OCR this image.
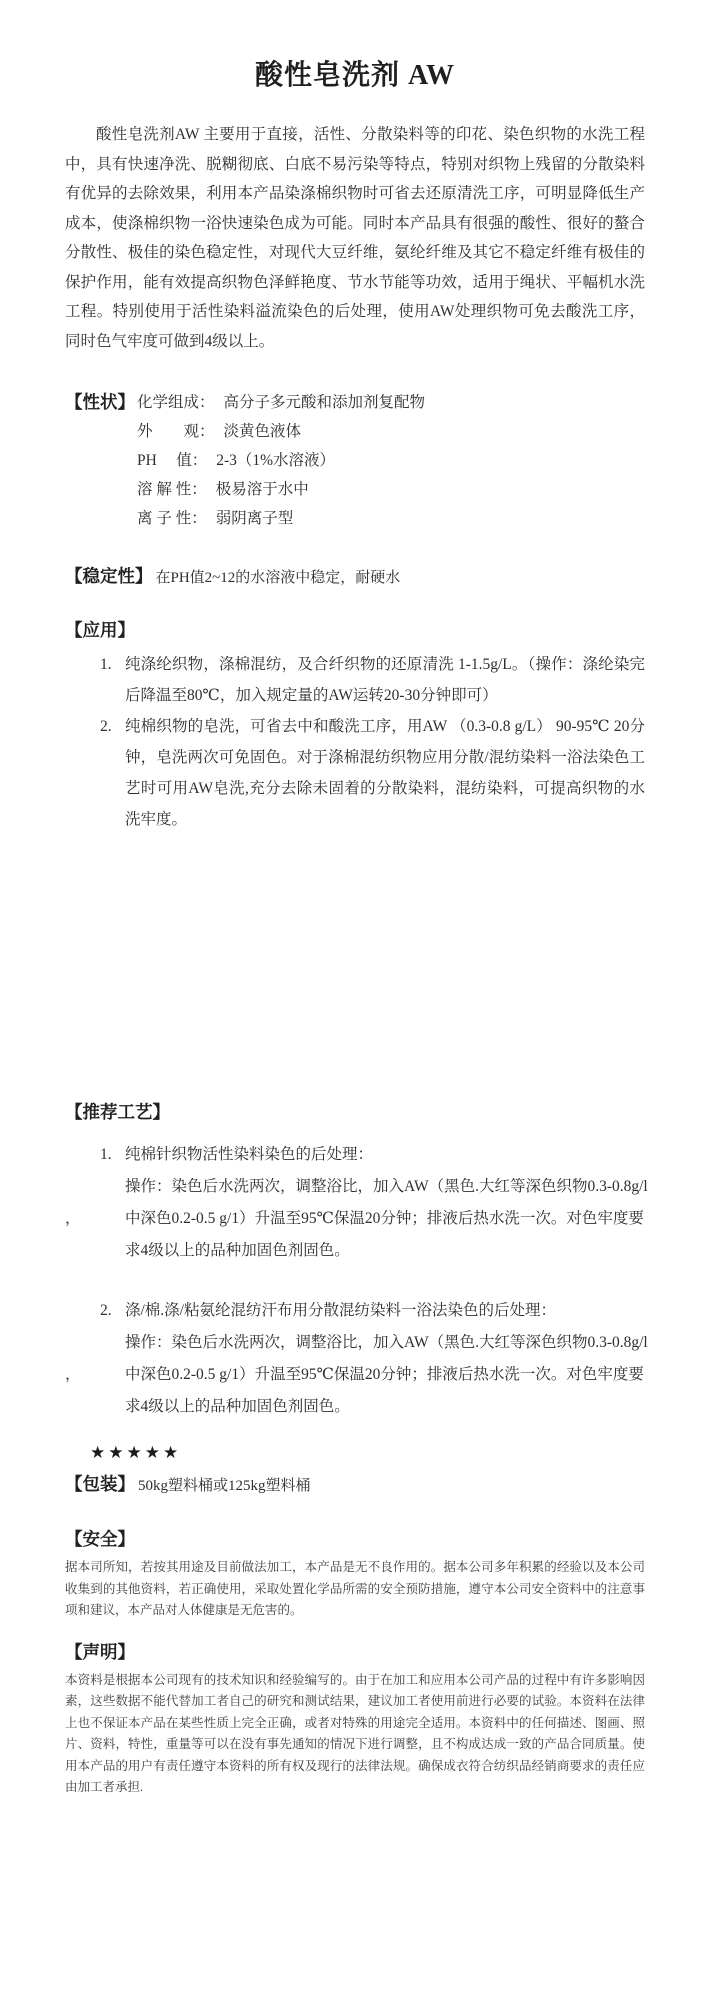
酸性皂洗剂 AW

酸性皂洗剂AW 主要用于直接，活性、分散染料等的印花、染色织物的水洗工程中，具有快速净洗、脱糊彻底、白底不易污染等特点，特别对织物上残留的分散染料有优异的去除效果，利用本产品染涤棉织物时可省去还原清洗工序，可明显降低生产成本，使涤棉织物一浴快速染色成为可能。同时本产品具有很强的酸性、很好的螯合分散性、极佳的染色稳定性，对现代大豆纤维，氨纶纤维及其它不稳定纤维有极佳的保护作用，能有效提高织物色泽鲜艳度、节水节能等功效，适用于绳状、平幅机水洗工程。特别使用于活性染料溢流染色的后处理，使用AW处理织物可免去酸洗工序，同时色气牢度可做到4级以上。

【性状】 化学组成： 高分子多元酸和添加剂复配物
外　　观： 淡黄色液体
PH　 值： 2-3（1%水溶液）
溶 解 性： 极易溶于水中
离 子 性： 弱阴离子型
【稳定性】 在PH值2~12的水溶液中稳定，耐硬水
【应用】
1. 纯涤纶织物，涤棉混纺，及合纤织物的还原清洗 1-1.5g/L。（操作：涤纶染完后降温至80℃，加入规定量的AW运转20-30分钟即可）
2. 纯棉织物的皂洗，可省去中和酸洗工序，用AW （0.3-0.8 g/L） 90-95℃ 20分钟，皂洗两次可免固色。对于涤棉混纺织物应用分散/混纺染料一浴法染色工艺时可用AW皂洗,充分去除未固着的分散染料，混纺染料，可提高织物的水洗牢度。
【推荐工艺】
1. 纯棉针织物活性染料染色的后处理：
操作：染色后水洗两次，调整浴比，加入AW（黑色.大红等深色织物0.3-0.8g/l
，	中深色0.2-0.5 g/1）升温至95℃保温20分钟；排液后热水洗一次。对色牢度要
求4级以上的品种加固色剂固色。
2. 涤/棉.涤/粘氨纶混纺汗布用分散混纺染料一浴法染色的后处理：
操作：染色后水洗两次，调整浴比，加入AW（黑色.大红等深色织物0.3-0.8g/l
，	中深色0.2-0.5 g/1）升温至95℃保温20分钟；排液后热水洗一次。对色牢度要
求4级以上的品种加固色剂固色。
★★★★★
【包装】 50kg塑料桶或125kg塑料桶
【安全】

据本司所知，若按其用途及目前做法加工，本产品是无不良作用的。据本公司多年积累的经验以及本公司收集到的其他资料，若正确使用，采取处置化学品所需的安全预防措施，遵守本公司安全资料中的注意事项和建议，本产品对人体健康是无危害的。

【声明】

本资料是根据本公司现有的技术知识和经验编写的。由于在加工和应用本公司产品的过程中有许多影响因素，这些数据不能代替加工者自己的研究和测试结果，建议加工者使用前进行必要的试验。本资料在法律上也不保证本产品在某些性质上完全正确，或者对特殊的用途完全适用。本资料中的任何描述、图画、照片、资料，特性，重量等可以在没有事先通知的情况下进行调整，且不构成达成一致的产品合同质量。使用本产品的用户有责任遵守本资料的所有权及现行的法律法规。确保成衣符合纺织品经销商要求的责任应由加工者承担.
